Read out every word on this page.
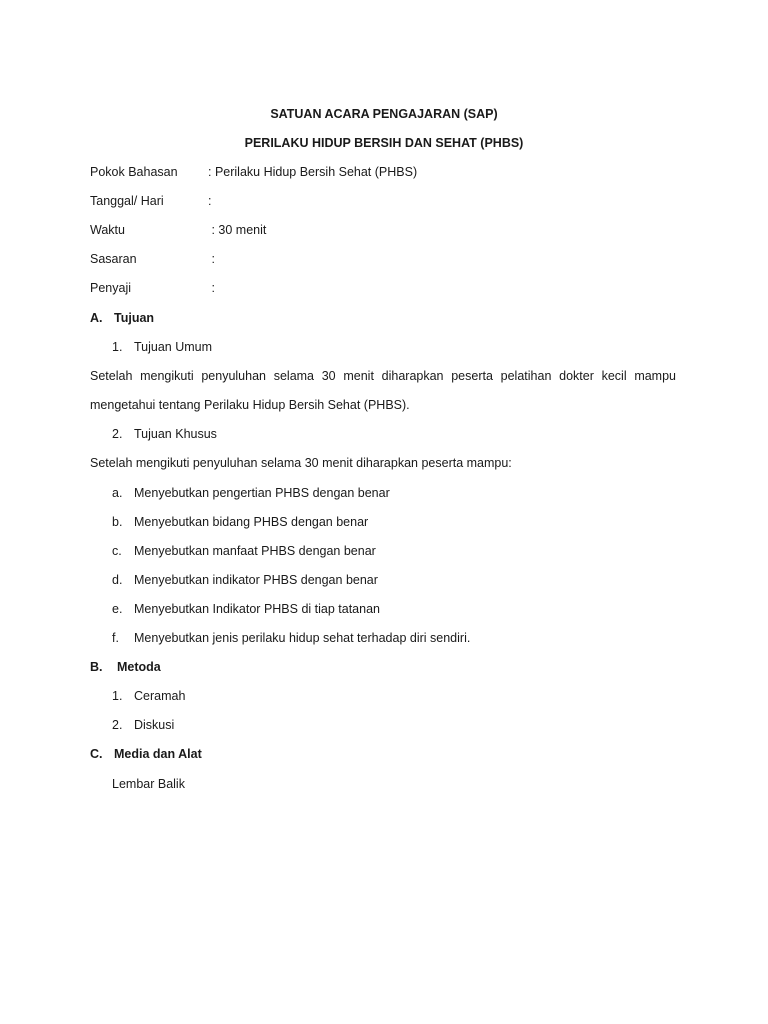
SATUAN ACARA PENGAJARAN (SAP)
PERILAKU HIDUP BERSIH DAN SEHAT (PHBS)
Pokok Bahasan : Perilaku Hidup Bersih Sehat (PHBS)
Tanggal/ Hari	:
Waktu	: 30 menit
Sasaran	:
Penyaji	:
A. Tujuan
1. Tujuan Umum
Setelah mengikuti penyuluhan selama 30 menit diharapkan peserta pelatihan dokter kecil mampu
mengetahui tentang Perilaku Hidup Bersih Sehat (PHBS).
2. Tujuan Khusus
Setelah mengikuti penyuluhan selama 30 menit diharapkan peserta mampu:
a. Menyebutkan pengertian PHBS dengan benar
b. Menyebutkan bidang PHBS dengan benar
c. Menyebutkan manfaat PHBS dengan benar
d. Menyebutkan indikator PHBS dengan benar
e. Menyebutkan Indikator PHBS di tiap tatanan
f. Menyebutkan jenis perilaku hidup sehat terhadap diri sendiri.
B. Metoda
1. Ceramah
2. Diskusi
C. Media dan Alat
Lembar Balik
